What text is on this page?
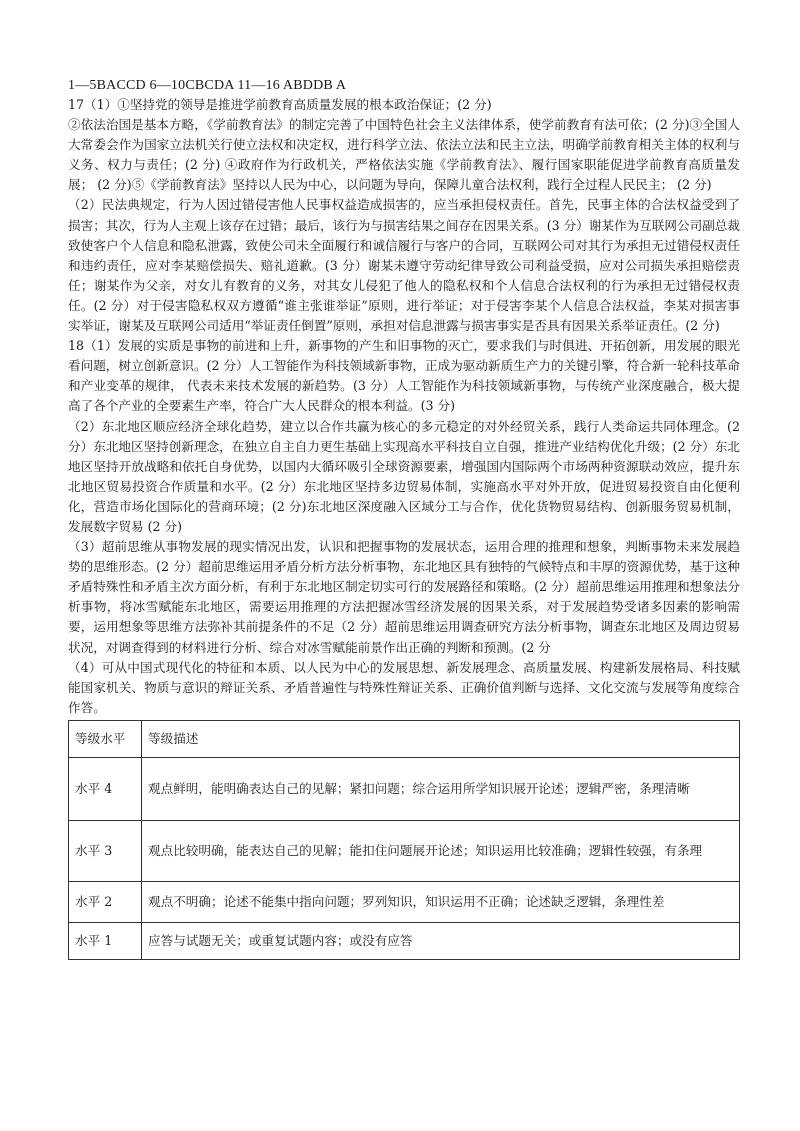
1—5BACCD 6—10CBCDA 11—16 ABDDB A

17（1）①坚持党的领导是推进学前教育高质量发展的根本政治保证；(2 分)

②依法治国是基本方略，《学前教育法》的制定完善了中国特色社会主义法律体系，使学前教育有法可依；(2 分)③全国人大常委会作为国家立法机关行使立法权和决定权，进行科学立法、依法立法和民主立法，明确学前教育相关主体的权利与义务、权力与责任；(2 分) ④政府作为行政机关，严格依法实施《学前教育法》、履行国家职能促进学前教育高质量发展； (2 分)⑤《学前教育法》坚持以人民为中心，以问题为导向，保障儿童合法权利，践行全过程人民民主； (2 分)

（2）民法典规定，行为人因过错侵害他人民事权益造成损害的，应当承担侵权责任。首先，民事主体的合法权益受到了损害；其次，行为人主观上该存在过错；最后，该行为与损害结果之间存在因果关系。(3 分）谢某作为互联网公司副总裁致使客户个人信息和隐私泄露，致使公司未全面履行和诚信履行与客户的合同，互联网公司对其行为承担无过错侵权责任和违约责任，应对李某赔偿损失、赔礼道歉。(3 分）谢某未遵守劳动纪律导致公司利益受损，应对公司损失承担赔偿责任；谢某作为父亲，对女儿有教育的义务，对其女儿侵犯了他人的隐私权和个人信息合法权利的行为承担无过错侵权责任。(2 分）对于侵害隐私权双方遵循“谁主张谁举证”原则，进行举证；对于侵害李某个人信息合法权益，李某对损害事实举证，谢某及互联网公司适用“举证责任倒置”原则，承担对信息泄露与损害事实是否具有因果关系举证责任。(2 分)

18（1）发展的实质是事物的前进和上升，新事物的产生和旧事物的灭亡，要求我们与时俱进、开拓创新，用发展的眼光看问题，树立创新意识。(2 分）人工智能作为科技领域新事物，正成为驱动新质生产力的关键引擎，符合新一轮科技革命和产业变革的规律， 代表未来技术发展的新趋势。(3 分）人工智能作为科技领域新事物，与传统产业深度融合，极大提高了各个产业的全要素生产率，符合广大人民群众的根本利益。(3 分)

（2）东北地区顺应经济全球化趋势，建立以合作共赢为核心的多元稳定的对外经贸关系，践行人类命运共同体理念。(2 分）东北地区坚持创新理念，在独立自主自力更生基础上实现高水平科技自立自强，推进产业结构优化升级；(2 分）东北地区坚持开放战略和依托自身优势，以国内大循环吸引全球资源要素，增强国内国际两个市场两种资源联动效应，提升东北地区贸易投资合作质量和水平。(2 分）东北地区坚持多边贸易体制，实施高水平对外开放，促进贸易投资自由化便利化，营造市场化国际化的营商环境；(2 分)东北地区深度融入区域分工与合作，优化货物贸易结构、创新服务贸易机制，发展数字贸易 (2 分)

（3）超前思维从事物发展的现实情况出发，认识和把握事物的发展状态，运用合理的推理和想象，判断事物未来发展趋势的思维形态。(2 分）超前思维运用矛盾分析方法分析事物，东北地区具有独特的气候特点和丰厚的资源优势，基于这种矛盾特殊性和矛盾主次方面分析，有利于东北地区制定切实可行的发展路径和策略。(2 分）超前思维运用推理和想象法分析事物，将冰雪赋能东北地区，需要运用推理的方法把握冰雪经济发展的因果关系，对于发展趋势受诸多因素的影响需要，运用想象等思维方法弥补其前提条件的不足（2 分）超前思维运用调查研究方法分析事物，调查东北地区及周边贸易状况，对调查得到的材料进行分析、综合对冰雪赋能前景作出正确的判断和预测。(2 分

（4）可从中国式现代化的特征和本质、以人民为中心的发展思想、新发展理念、高质量发展、构建新发展格局、科技赋能国家机关、物质与意识的辩证关系、矛盾普遍性与特殊性辩证关系、正确价值判断与选择、文化交流与发展等角度综合作答。

等级水平	等级描述
水平 4	观点鲜明，能明确表达自己的见解；紧扣问题；综合运用所学知识展开论述；逻辑严密，条理清晰
水平 3	观点比较明确，能表达自己的见解；能扣住问题展开论述；知识运用比较准确；逻辑性较强，有条理
水平 2	观点不明确；论述不能集中指向问题；罗列知识，知识运用不正确；论述缺乏逻辑，条理性差
水平 1	应答与试题无关；或重复试题内容；或没有应答
